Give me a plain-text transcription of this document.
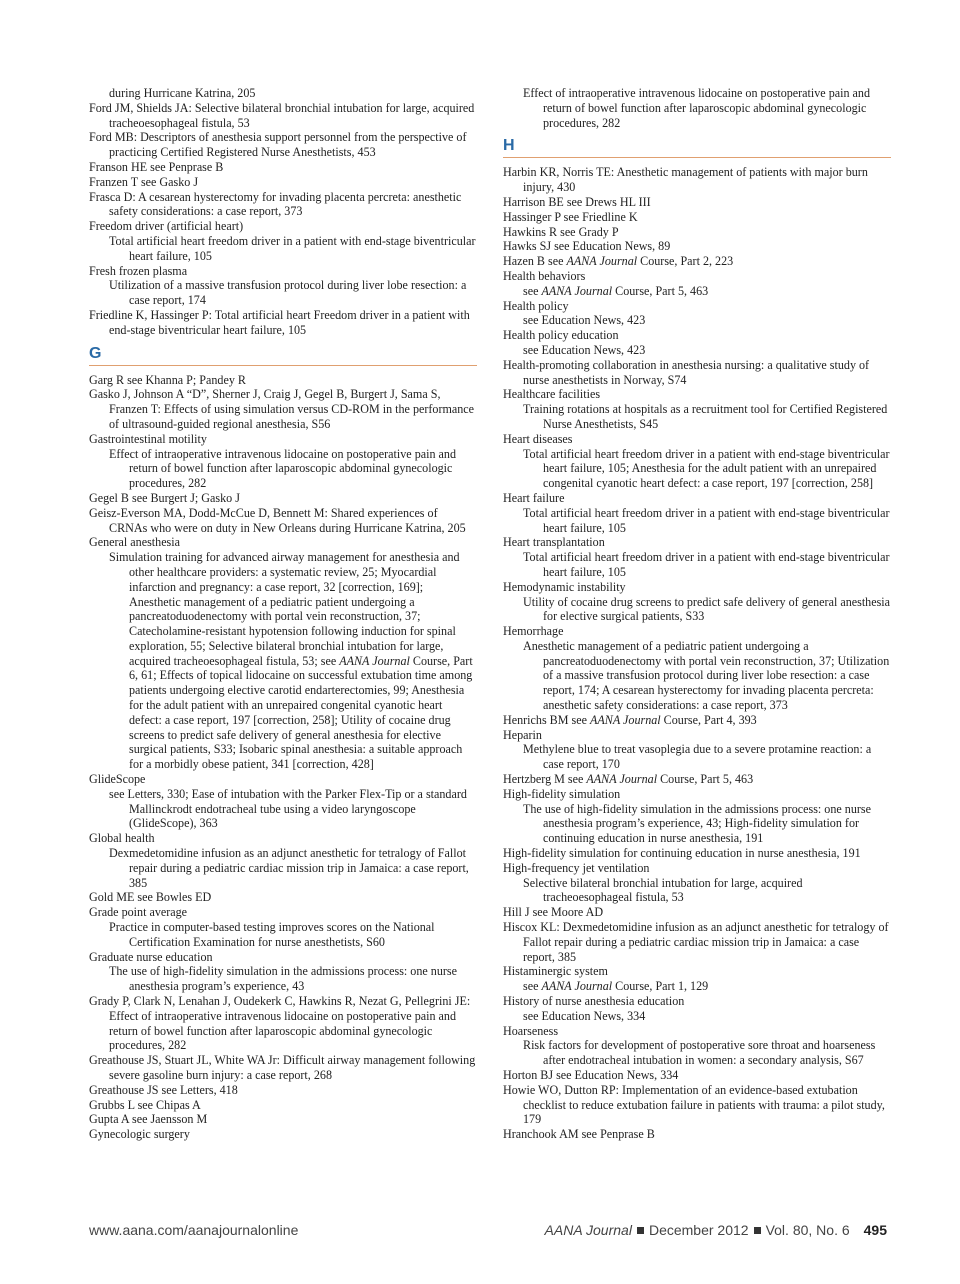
during Hurricane Katrina, 205

Ford JM, Shields JA: Selective bilateral bronchial intubation for large, acquired tracheoesophageal fistula, 53

Ford MB: Descriptors of anesthesia support personnel from the perspective of practicing Certified Registered Nurse Anesthetists, 453

Franson HE see Penprase B

Franzen T see Gasko J

Frasca D: A cesarean hysterectomy for invading placenta percreta: anesthetic safety considerations: a case report, 373

Freedom driver (artificial heart)

Total artificial heart freedom driver in a patient with end-stage biventricular heart failure, 105

Fresh frozen plasma

Utilization of a massive transfusion protocol during liver lobe resection: a case report, 174

Friedline K, Hassinger P: Total artificial heart Freedom driver in a patient with end-stage biventricular heart failure, 105

G

Garg R see Khanna P; Pandey R

Gasko J, Johnson A “D”, Sherner J, Craig J, Gegel B, Burgert J, Sama S, Franzen T: Effects of using simulation versus CD-ROM in the performance of ultrasound-guided regional anesthesia, S56

Gastrointestinal motility

Effect of intraoperative intravenous lidocaine on postoperative pain and return of bowel function after laparoscopic abdominal gynecologic procedures, 282

Gegel B see Burgert J; Gasko J

Geisz-Everson MA, Dodd-McCue D, Bennett M: Shared experiences of CRNAs who were on duty in New Orleans during Hurricane Katrina, 205

General anesthesia

Simulation training for advanced airway management for anesthesia and other healthcare providers: a systematic review, 25; Myocardial infarction and pregnancy: a case report, 32 [correction, 169]; Anesthetic management of a pediatric patient undergoing a pancreatoduodenectomy with portal vein reconstruction, 37; Catecholamine-resistant hypotension following induction for spinal exploration, 55; Selective bilateral bronchial intubation for large, acquired tracheoesophageal fistula, 53; see AANA Journal Course, Part 6, 61; Effects of topical lidocaine on successful extubation time among patients undergoing elective carotid endarterectomies, 99; Anesthesia for the adult patient with an unrepaired congenital cyanotic heart defect: a case report, 197 [correction, 258]; Utility of cocaine drug screens to predict safe delivery of general anesthesia for elective surgical patients, S33; Isobaric spinal anesthesia: a suitable approach for a morbidly obese patient, 341 [correction, 428]

GlideScope

see Letters, 330; Ease of intubation with the Parker Flex-Tip or a standard Mallinckrodt endotracheal tube using a video laryngoscope (GlideScope), 363

Global health

Dexmedetomidine infusion as an adjunct anesthetic for tetralogy of Fallot repair during a pediatric cardiac mission trip in Jamaica: a case report, 385

Gold ME see Bowles ED

Grade point average

Practice in computer-based testing improves scores on the National Certification Examination for nurse anesthetists, S60

Graduate nurse education

The use of high-fidelity simulation in the admissions process: one nurse anesthesia program’s experience, 43

Grady P, Clark N, Lenahan J, Oudekerk C, Hawkins R, Nezat G, Pellegrini JE: Effect of intraoperative intravenous lidocaine on postoperative pain and return of bowel function after laparoscopic abdominal gynecologic procedures, 282

Greathouse JS, Stuart JL, White WA Jr: Difficult airway management following severe gasoline burn injury: a case report, 268

Greathouse JS see Letters, 418

Grubbs L see Chipas A

Gupta A see Jaensson M

Gynecologic surgery

Effect of intraoperative intravenous lidocaine on postoperative pain and return of bowel function after laparoscopic abdominal gynecologic procedures, 282

H

Harbin KR, Norris TE: Anesthetic management of patients with major burn injury, 430

Harrison BE see Drews HL III

Hassinger P see Friedline K

Hawkins R see Grady P

Hawks SJ see Education News, 89

Hazen B see AANA Journal Course, Part 2, 223

Health behaviors

see AANA Journal Course, Part 5, 463

Health policy

see Education News, 423

Health policy education

see Education News, 423

Health-promoting collaboration in anesthesia nursing: a qualitative study of nurse anesthetists in Norway, S74

Healthcare facilities

Training rotations at hospitals as a recruitment tool for Certified Registered Nurse Anesthetists, S45

Heart diseases

Total artificial heart freedom driver in a patient with end-stage biventricular heart failure, 105; Anesthesia for the adult patient with an unrepaired congenital cyanotic heart defect: a case report, 197 [correction, 258]

Heart failure

Total artificial heart freedom driver in a patient with end-stage biventricular heart failure, 105

Heart transplantation

Total artificial heart freedom driver in a patient with end-stage biventricular heart failure, 105

Hemodynamic instability

Utility of cocaine drug screens to predict safe delivery of general anesthesia for elective surgical patients, S33

Hemorrhage

Anesthetic management of a pediatric patient undergoing a pancreatoduodenectomy with portal vein reconstruction, 37; Utilization of a massive transfusion protocol during liver lobe resection: a case report, 174; A cesarean hysterectomy for invading placenta percreta: anesthetic safety considerations: a case report, 373

Henrichs BM see AANA Journal Course, Part 4, 393

Heparin

Methylene blue to treat vasoplegia due to a severe protamine reaction: a case report, 170

Hertzberg M see AANA Journal Course, Part 5, 463

High-fidelity simulation

The use of high-fidelity simulation in the admissions process: one nurse anesthesia program’s experience, 43; High-fidelity simulation for continuing education in nurse anesthesia, 191

High-fidelity simulation for continuing education in nurse anesthesia, 191

High-frequency jet ventilation

Selective bilateral bronchial intubation for large, acquired tracheoesophageal fistula, 53

Hill J see Moore AD

Hiscox KL: Dexmedetomidine infusion as an adjunct anesthetic for tetralogy of Fallot repair during a pediatric cardiac mission trip in Jamaica: a case report, 385

Histaminergic system

see AANA Journal Course, Part 1, 129

History of nurse anesthesia education

see Education News, 334

Hoarseness

Risk factors for development of postoperative sore throat and hoarseness after endotracheal intubation in women: a secondary analysis, S67

Horton BJ see Education News, 334

Howie WO, Dutton RP: Implementation of an evidence-based extubation checklist to reduce extubation failure in patients with trauma: a pilot study, 179

Hranchook AM see Penprase B

www.aana.com/aanajournalonline	AANA Journal December 2012 Vol. 80, No. 6 495
